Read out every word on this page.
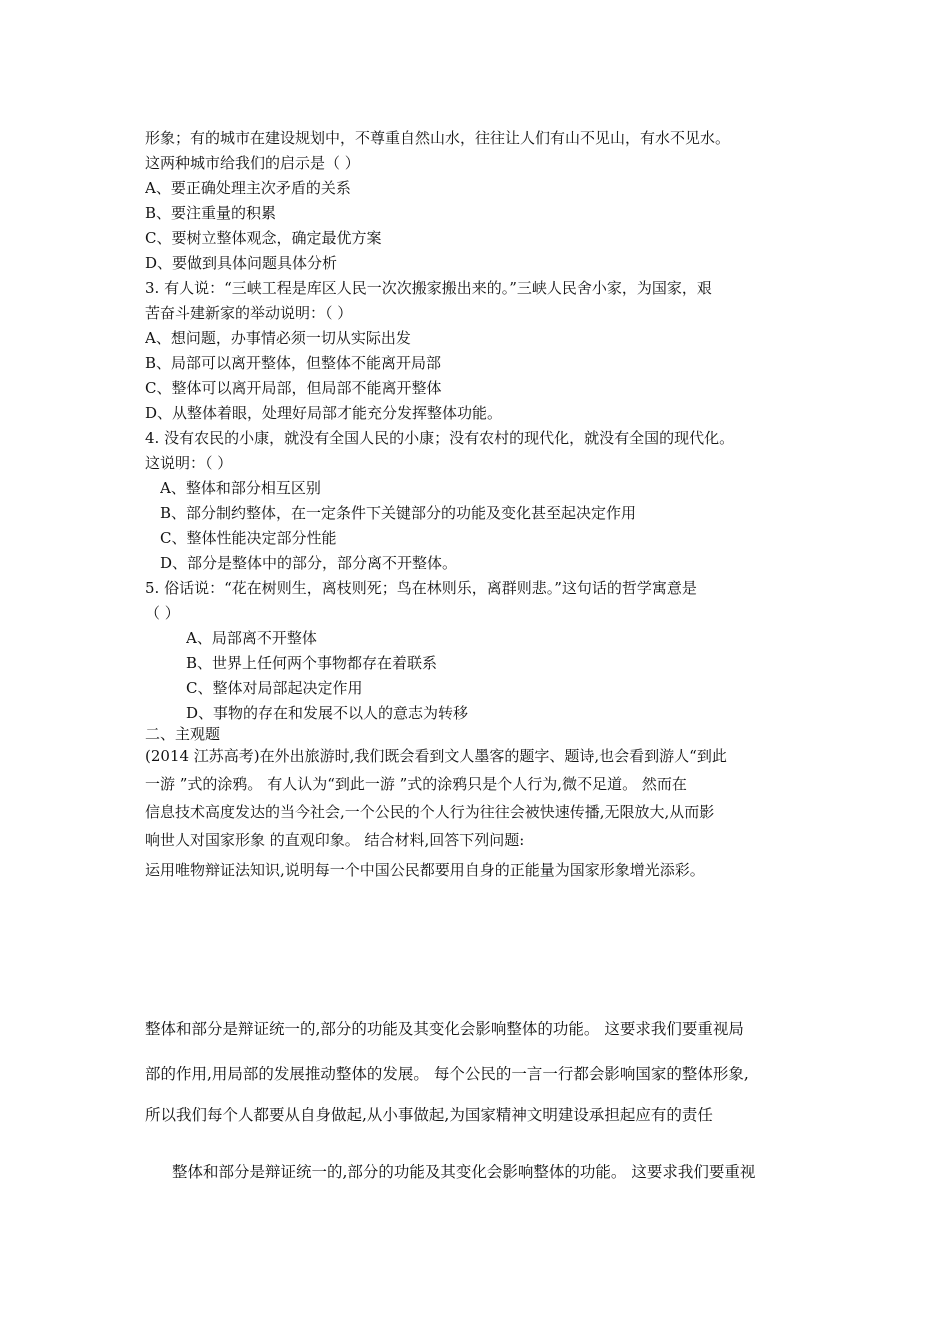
形象；有的城市在建设规划中，不尊重自然山水，往往让人们有山不见山，有水不见水。
这两种城市给我们的启示是（ ）
A、要正确处理主次矛盾的关系
B、要注重量的积累
C、要树立整体观念，确定最优方案
D、要做到具体问题具体分析
3. 有人说：“三峡工程是库区人民一次次搬家搬出来的。”三峡人民舍小家，为国家，艰
苦奋斗建新家的举动说明：（ ）
A、想问题，办事情必须一切从实际出发
B、局部可以离开整体，但整体不能离开局部
C、整体可以离开局部，但局部不能离开整体
D、从整体着眼，处理好局部才能充分发挥整体功能。
4. 没有农民的小康，就没有全国人民的小康；没有农村的现代化，就没有全国的现代化。
这说明：（ ）
A、整体和部分相互区别
B、部分制约整体，在一定条件下关键部分的功能及变化甚至起决定作用
C、整体性能决定部分性能
D、部分是整体中的部分，部分离不开整体。
5. 俗话说：“花在树则生，离枝则死；鸟在林则乐，离群则悲。”这句话的哲学寓意是
（ ）
A、局部离不开整体
B、世界上任何两个事物都存在着联系
C、整体对局部起决定作用
D、事物的存在和发展不以人的意志为转移
二、主观题
(2014 江苏高考)在外出旅游时,我们既会看到文人墨客的题字、题诗,也会看到游人“到此
一游 ”式的涂鸦。 有人认为“到此一游 ”式的涂鸦只是个人行为,微不足道。 然而在
信息技术高度发达的当今社会,一个公民的个人行为往往会被快速传播,无限放大,从而影
响世人对国家形象 的直观印象。 结合材料,回答下列问题:
运用唯物辩证法知识,说明每一个中国公民都要用自身的正能量为国家形象增光添彩。
整体和部分是辩证统一的,部分的功能及其变化会影响整体的功能。 这要求我们要重视局
部的作用,用局部的发展推动整体的发展。 每个公民的一言一行都会影响国家的整体形象,
所以我们每个人都要从自身做起,从小事做起,为国家精神文明建设承担起应有的责任
整体和部分是辩证统一的,部分的功能及其变化会影响整体的功能。 这要求我们要重视
